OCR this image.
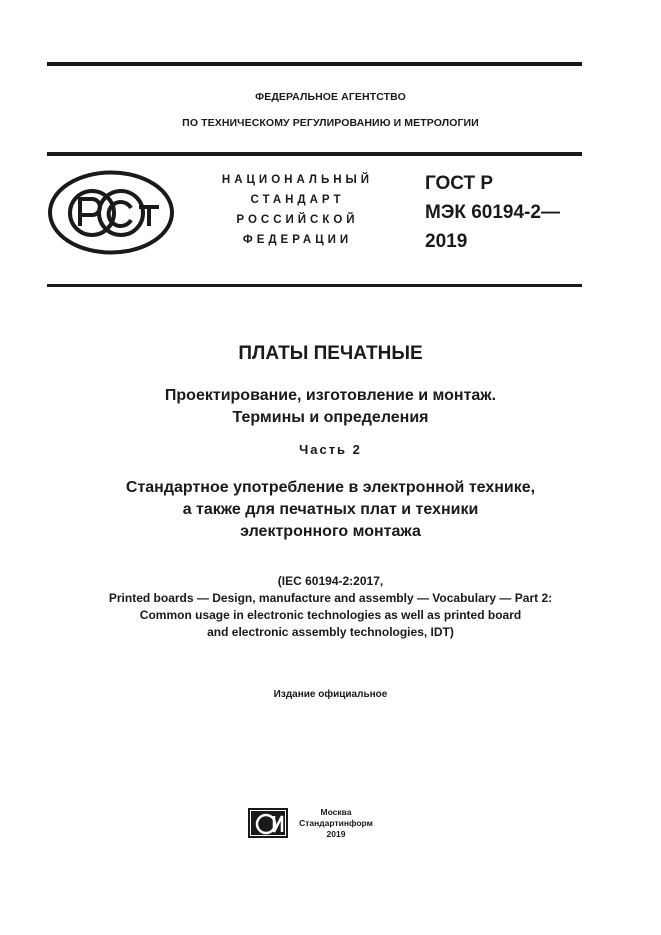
ФЕДЕРАЛЬНОЕ АГЕНТСТВО
ПО ТЕХНИЧЕСКОМУ РЕГУЛИРОВАНИЮ И МЕТРОЛОГИИ
НАЦИОНАЛЬНЫЙ
СТАНДАРТ
РОССИЙСКОЙ
ФЕДЕРАЦИИ
ГОСТ Р
МЭК 60194-2—
2019
ПЛАТЫ ПЕЧАТНЫЕ
Проектирование, изготовление и монтаж.
Термины и определения
Часть 2
Стандартное употребление в электронной технике,
а также для печатных плат и техники
электронного монтажа
(IEC 60194-2:2017,
Printed boards — Design, manufacture and assembly — Vocabulary — Part 2:
Common usage in electronic technologies as well as printed board
and electronic assembly technologies, IDT)
Издание официальное
Москва
Стандартинформ
2019
